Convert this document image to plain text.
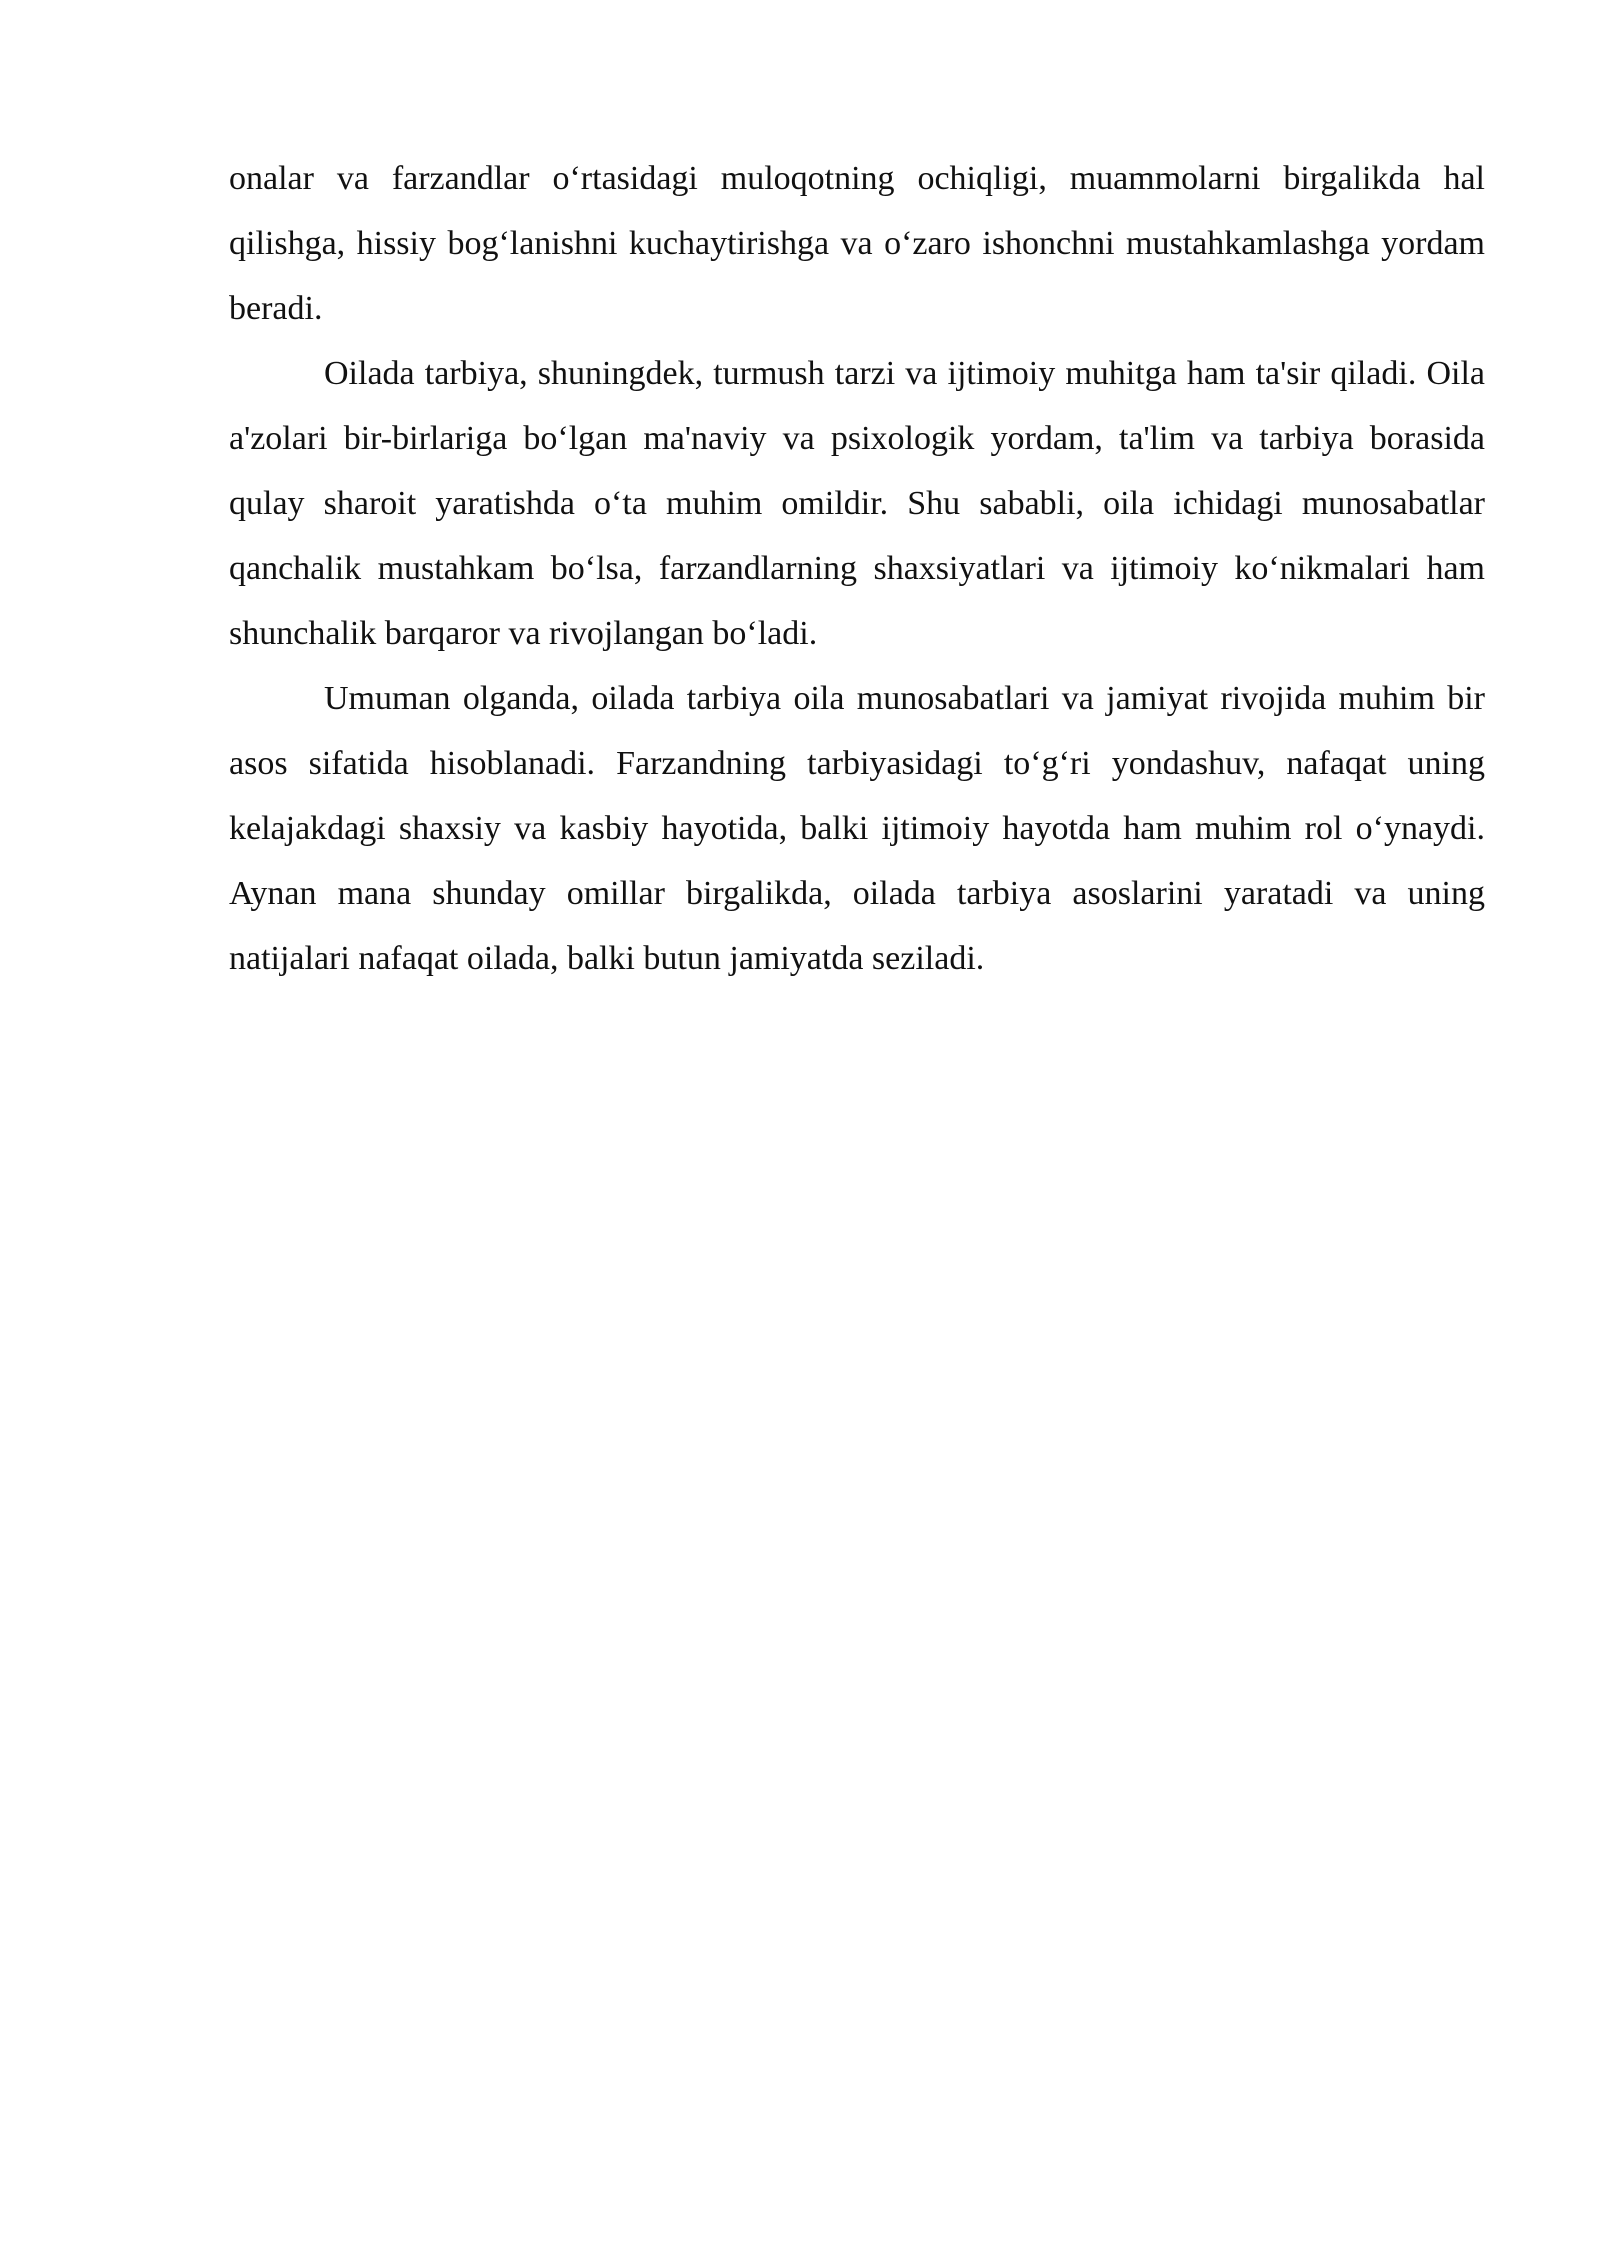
onalar va farzandlar o‘rtasidagi muloqotning ochiqligi, muammolarni birgalikda hal qilishga, hissiy bog‘lanishni kuchaytirishga va o‘zaro ishonchni mustahkamlashga yordam beradi.

Oilada tarbiya, shuningdek, turmush tarzi va ijtimoiy muhitga ham ta'sir qiladi. Oila a'zolari bir-birlariga bo‘lgan ma'naviy va psixologik yordam, ta'lim va tarbiya borasida qulay sharoit yaratishda o‘ta muhim omildir. Shu sababli, oila ichidagi munosabatlar qanchalik mustahkam bo‘lsa, farzandlarning shaxsiyatlari va ijtimoiy ko‘nikmalari ham shunchalik barqaror va rivojlangan bo‘ladi.

Umuman olganda, oilada tarbiya oila munosabatlari va jamiyat rivojida muhim bir asos sifatida hisoblanadi. Farzandning tarbiyasidagi to‘g‘ri yondashuv, nafaqat uning kelajakdagi shaxsiy va kasbiy hayotida, balki ijtimoiy hayotda ham muhim rol o‘ynaydi. Aynan mana shunday omillar birgalikda, oilada tarbiya asoslarini yaratadi va uning natijalari nafaqat oilada, balki butun jamiyatda seziladi.
